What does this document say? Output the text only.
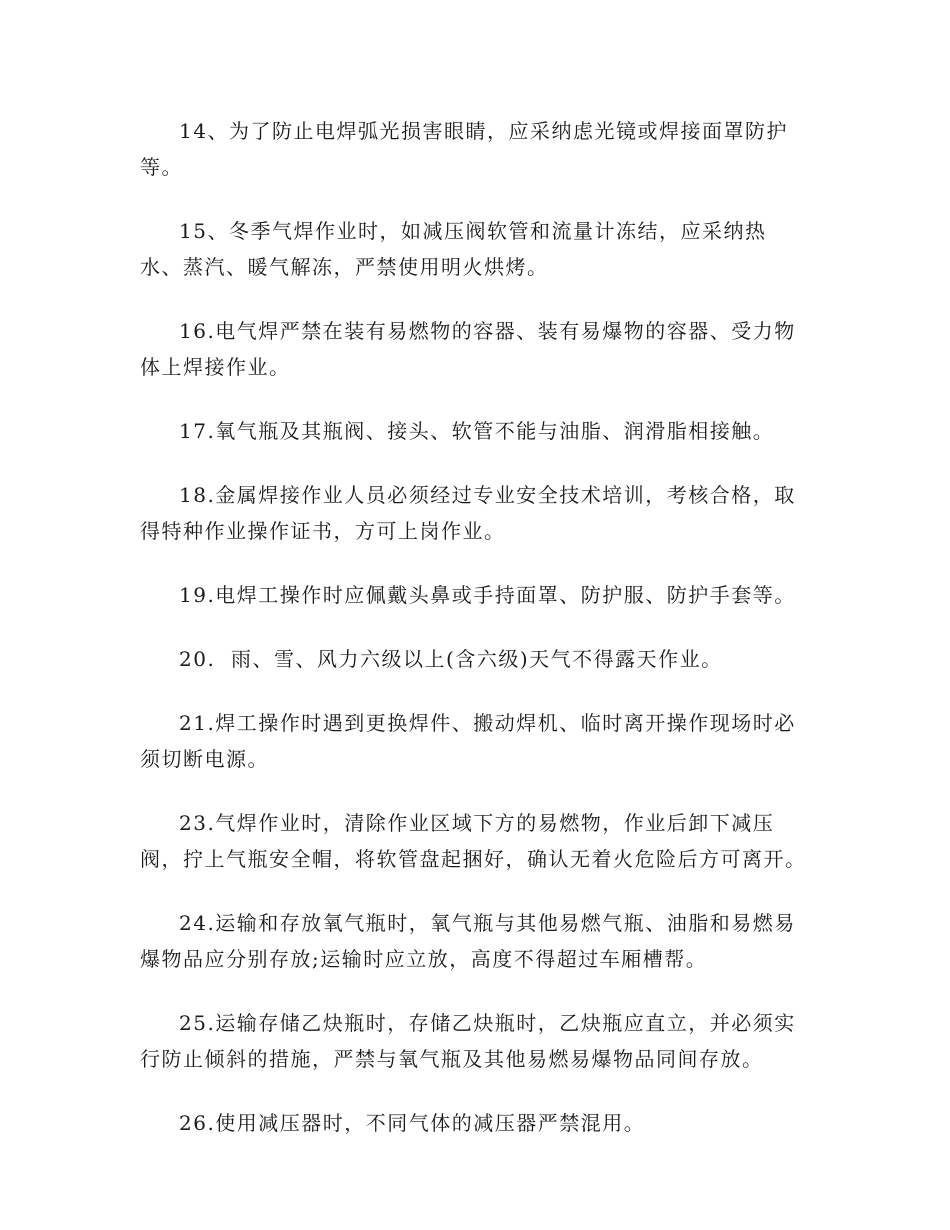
14、为了防止电焊弧光损害眼睛，应采纳虑光镜或焊接面罩防护等。

15、冬季气焊作业时，如减压阀软管和流量计冻结，应采纳热水、蒸汽、暖气解冻，严禁使用明火烘烤。

16.电气焊严禁在装有易燃物的容器、装有易爆物的容器、受力物体上焊接作业。

17.氧气瓶及其瓶阀、接头、软管不能与油脂、润滑脂相接触。

18.金属焊接作业人员必须经过专业安全技术培训，考核合格，取得特种作业操作证书，方可上岗作业。

19.电焊工操作时应佩戴头鼻或手持面罩、防护服、防护手套等。

20.  雨、雪、风力六级以上(含六级)天气不得露天作业。

21.焊工操作时遇到更换焊件、搬动焊机、临时离开操作现场时必须切断电源。

23.气焊作业时，清除作业区域下方的易燃物，作业后卸下减压阀，拧上气瓶安全帽，将软管盘起捆好，确认无着火危险后方可离开。

24.运输和存放氧气瓶时，氧气瓶与其他易燃气瓶、油脂和易燃易爆物品应分别存放;运输时应立放，高度不得超过车厢槽帮。

25.运输存储乙炔瓶时，存储乙炔瓶时，乙炔瓶应直立，并必须实行防止倾斜的措施，严禁与氧气瓶及其他易燃易爆物品同间存放。

26.使用减压器时，不同气体的减压器严禁混用。
